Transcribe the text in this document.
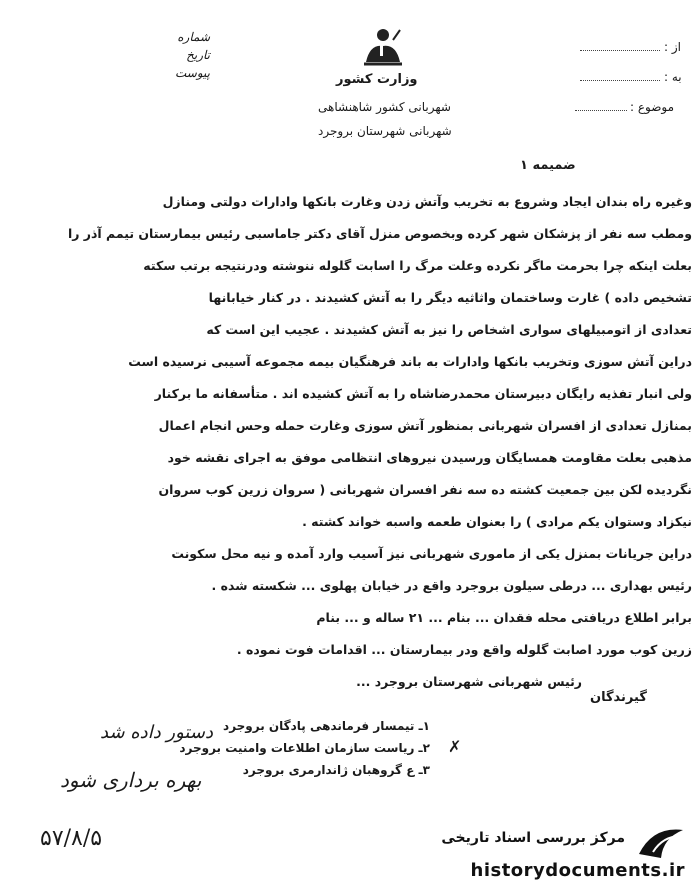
وزارت کشور
شهربانی کشور شاهنشاهی
شهربانی شهرستان بروجرد
شماره
تاریخ
پیوست
از :
به :
موضوع :
ضمیمه ۱

وغیره راه بندان ایجاد وشروع به تخریب وآتش زدن وغارت بانکها وادارات دولتی ومنازل

ومطب سه نفر از پزشکان شهر کرده وبخصوص منزل آقای دکتر جاماسبی رئیس بیمارستان تیمم آذر را

بعلت اینکه چرا بحرمت ماگر نکرده وعلت مرگ را اسابت گلوله ننوشته ودرنتیجه برتب سکته

تشخیص داده ) غارت وساختمان واثاثیه دیگر را به آتش کشیدند . در کنار خیابانها

تعدادی از اتومبیلهای سواری اشخاص را نیز به آتش کشیدند . عجیب این است که

دراین آتش سوزی وتخریب بانکها وادارات به باند فرهنگیان بیمه مجموعه آسیبی نرسیده است

ولی انبار تفذیه رایگان دبیرستان محمدرضاشاه را به آتش کشیده اند . متأسفانه ما برکنار

بمنازل تعدادی از افسران شهربانی بمنظور آتش سوزی وغارت حمله وحس انجام اعمال

مذهبی بعلت مقاومت همسایگان ورسیدن نیروهای انتظامی موفق به اجرای نقشه خود

نگردیده لکن بین جمعیت کشته ده سه نفر افسران شهربانی ( سروان زرین کوب سروان

نیکزاد وستوان یکم مرادی ) را بعنوان طعمه واسبه خواند کشته .

دراین جریانات بمنزل یکی از ماموری شهربانی نیز آسیب وارد آمده و نیه محل سکونت

رئیس بهداری ... درطی سیلون بروجرد واقع در خیابان پهلوی ... شکسته شده .

برابر اطلاع دریافتی محله فقدان ... بنام ... ۲۱ ساله و ... بنام

زرین کوب مورد اصابت گلوله واقع ودر بیمارستان ... اقدامات فوت نموده .

رئیس شهربانی شهرستان بروجرد ...

گیرندگان
۱ـ تیمسار فرماندهی پادگان بروجرد
۲ـ ریاست سازمان اطلاعات وامنیت بروجرد
۳ـ ع گروهبان ژاندارمری بروجرد
✗
دستور داده شد
بهره برداری شود
۵۷/۸/۵	مرکز بررسی اسناد تاریخی
historydocuments.ir
